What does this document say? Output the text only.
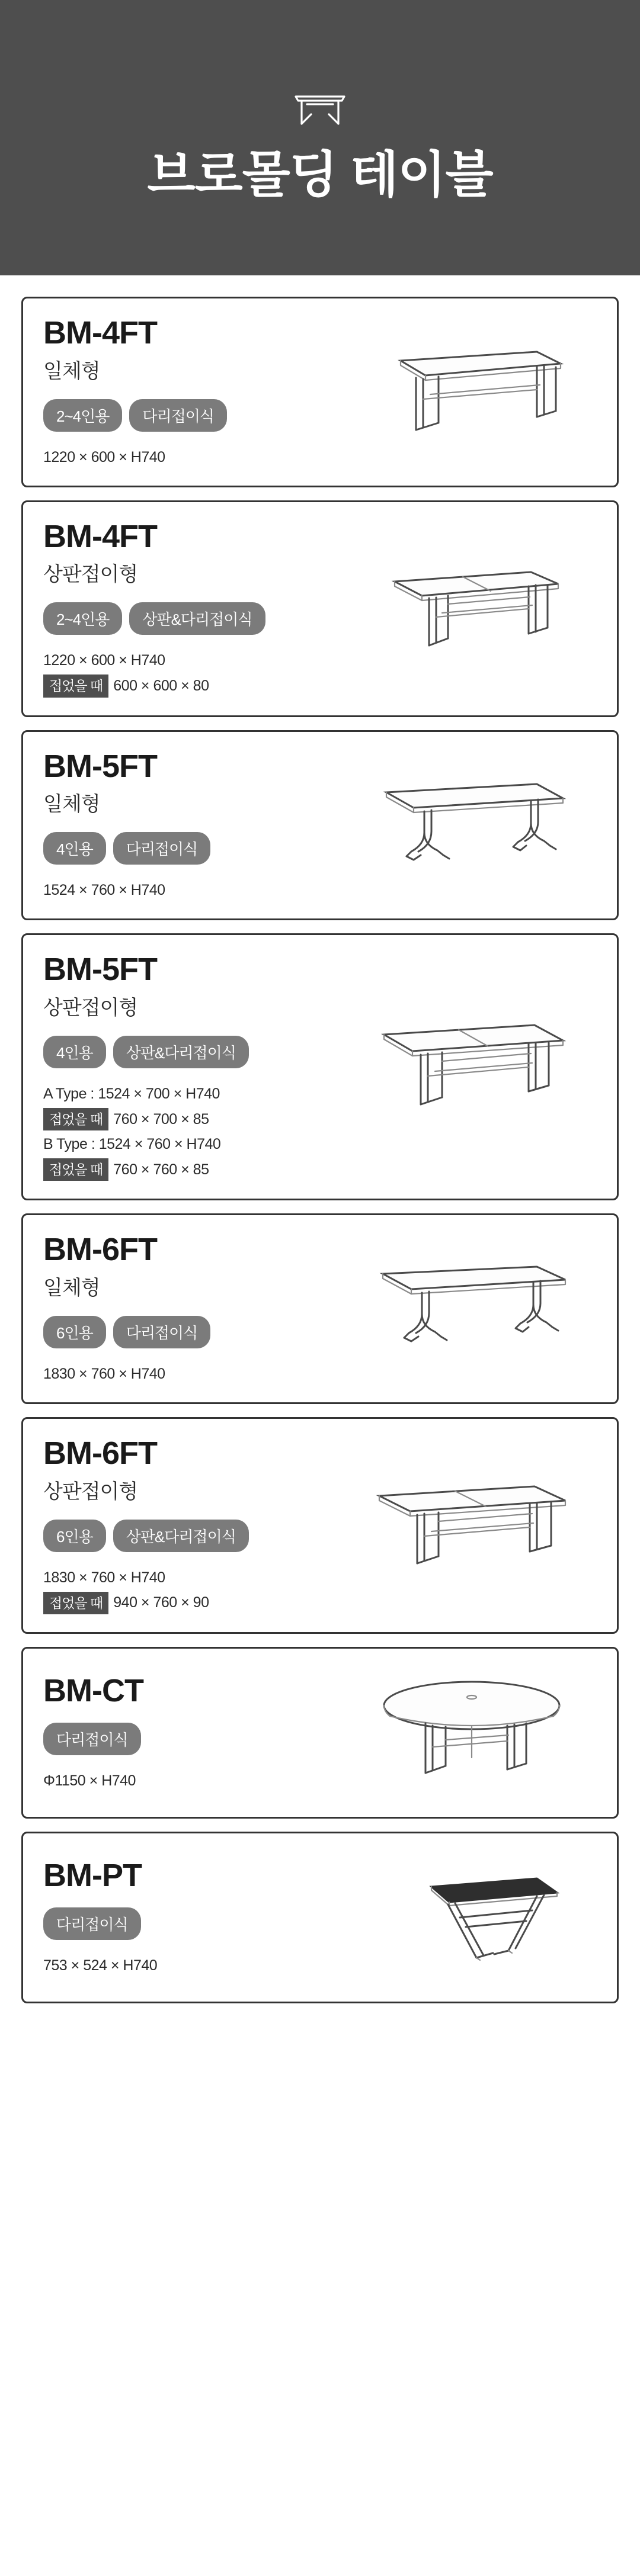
브로몰딩 테이블
BM-4FT
일체형
2~4인용	다리접이식
1220 × 600 × H740
BM-4FT
상판접이형
2~4인용	상판&다리접이식
1220 × 600 × H740
접었을 때 600 × 600 × 80
BM-5FT
일체형
4인용	다리접이식
1524 × 760 × H740
BM-5FT
상판접이형
4인용	상판&다리접이식
A Type : 1524 × 700 × H740
접었을 때 760 × 700 × 85
B Type : 1524 × 760 × H740
접었을 때 760 × 760 × 85
BM-6FT
일체형
6인용	다리접이식
1830 × 760 × H740
BM-6FT
상판접이형
6인용	상판&다리접이식
1830 × 760 × H740
접었을 때 940 × 760 × 90
BM-CT
다리접이식
Φ1150 × H740
BM-PT
다리접이식
753 × 524 × H740
